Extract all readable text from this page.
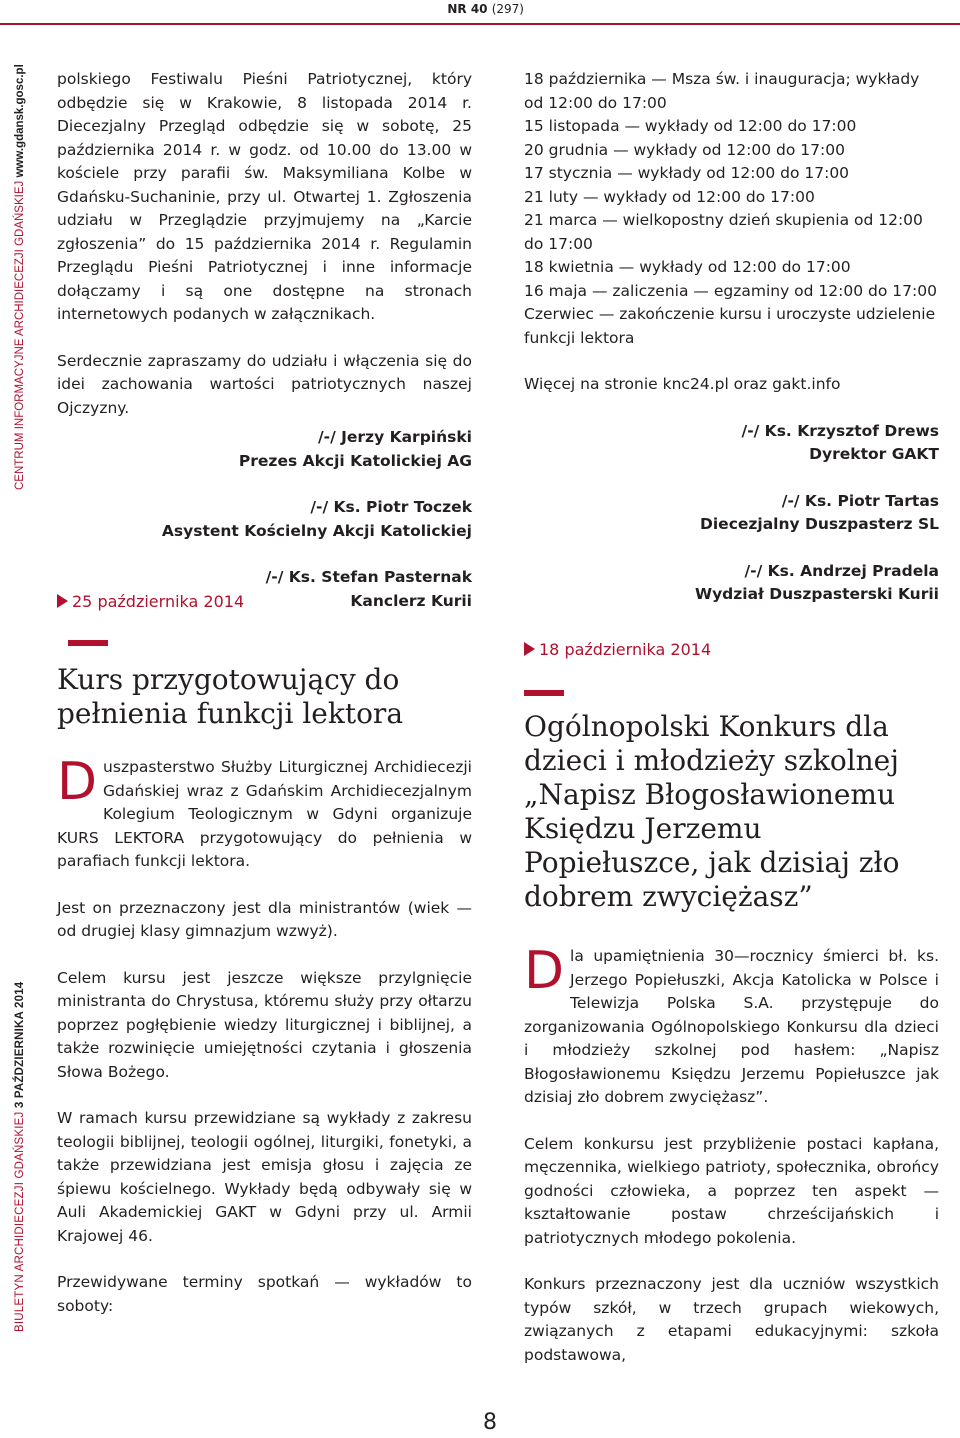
NR 40 (297)
CENTRUM INFORMACYJNE ARCHIDIECEZJI GDAŃSKIEJ www.gdansk.gosc.pl
BIULETYN ARCHIDIECEZJI GDAŃSKIEJ 3 PAŹDZIERNIKA 2014

polskiego Festiwalu Pieśni Patriotycznej, który odbędzie się w Krakowie, 8 listopada 2014 r. Diecezjalny Przegląd odbędzie się w sobotę, 25 października 2014 r. w godz. od 10.00 do 13.00 w kościele przy parafii św. Maksymiliana Kolbe w Gdańsku-Suchaninie, przy ul. Otwartej 1. Zgłoszenia udziału w Przeglądzie przyjmujemy na „Karcie zgłoszenia” do 15 października 2014 r. Regulamin Przeglądu Pieśni Patriotycznej i inne informacje dołączamy i są one dostępne na stronach internetowych podanych w załącznikach.

Serdecznie zapraszamy do udziału i włączenia się do idei zachowania wartości patriotycznych naszej Ojczyzny.

/-/ Jerzy Karpiński
Prezes Akcji Katolickiej AG
/-/ Ks. Piotr Toczek
Asystent Kościelny Akcji Katolickiej
/-/ Ks. Stefan Pasternak
Kanclerz Kurii

18 października — Msza św. i inauguracja; wykłady od 12:00 do 17:00

15 listopada — wykłady od 12:00 do 17:00

20 grudnia — wykłady od 12:00 do 17:00

17 stycznia — wykłady od 12:00 do 17:00

21 luty — wykłady od 12:00 do 17:00

21 marca — wielkopostny dzień skupienia od 12:00 do 17:00

18 kwietnia — wykłady od 12:00 do 17:00

16 maja — zaliczenia — egzaminy od 12:00 do 17:00

Czerwiec — zakończenie kursu i uroczyste udzielenie funkcji lektora

Więcej na stronie knc24.pl oraz gakt.info

/-/ Ks. Krzysztof Drews
Dyrektor GAKT
/-/ Ks. Piotr Tartas
Diecezjalny Duszpasterz SL
/-/ Ks. Andrzej Pradela
Wydział Duszpasterski Kurii
25 października 2014
Kurs przygotowujący do pełnienia funkcji lektora

Duszpasterstwo Służby Liturgicznej Archidiecezji Gdańskiej wraz z Gdańskim Archidiecezjalnym Kolegium Teologicznym w Gdyni organizuje KURS LEKTORA przygotowujący do pełnienia w parafiach funkcji lektora.

Jest on przeznaczony jest dla ministrantów (wiek — od drugiej klasy gimnazjum wzwyż).

Celem kursu jest jeszcze większe przylgnięcie ministranta do Chrystusa, któremu służy przy ołtarzu poprzez pogłębienie wiedzy liturgicznej i biblijnej, a także rozwinięcie umiejętności czytania i głoszenia Słowa Bożego.

W ramach kursu przewidziane są wykłady z zakresu teologii biblijnej, teologii ogólnej, liturgiki, fonetyki, a także przewidziana jest emisja głosu i zajęcia ze śpiewu kościelnego. Wykłady będą odbywały się w Auli Akademickiej GAKT w Gdyni przy ul. Armii Krajowej 46.

Przewidywane terminy spotkań — wykładów to soboty:

18 października 2014
Ogólnopolski Konkurs dla dzieci i młodzieży szkolnej „Napisz Błogosławionemu Księdzu Jerzemu Popiełuszce, jak dzisiaj zło dobrem zwyciężasz”

Dla upamiętnienia 30—rocznicy śmierci bł. ks. Jerzego Popiełuszki, Akcja Katolicka w Polsce i Telewizja Polska S.A. przystępuje do zorganizowania Ogólnopolskiego Konkursu dla dzieci i młodzieży szkolnej pod hasłem: „Napisz Błogosławionemu Księdzu Jerzemu Popiełuszce jak dzisiaj zło dobrem zwyciężasz”.

Celem konkursu jest przybliżenie postaci kapłana, męczennika, wielkiego patrioty, społecznika, obrońcy godności człowieka, a poprzez ten aspekt — kształtowanie postaw chrześcijańskich i patriotycznych młodego pokolenia.

Konkurs przeznaczony jest dla uczniów wszystkich typów szkół, w trzech grupach wiekowych, związanych z etapami edukacyjnymi: szkoła podstawowa,

8
